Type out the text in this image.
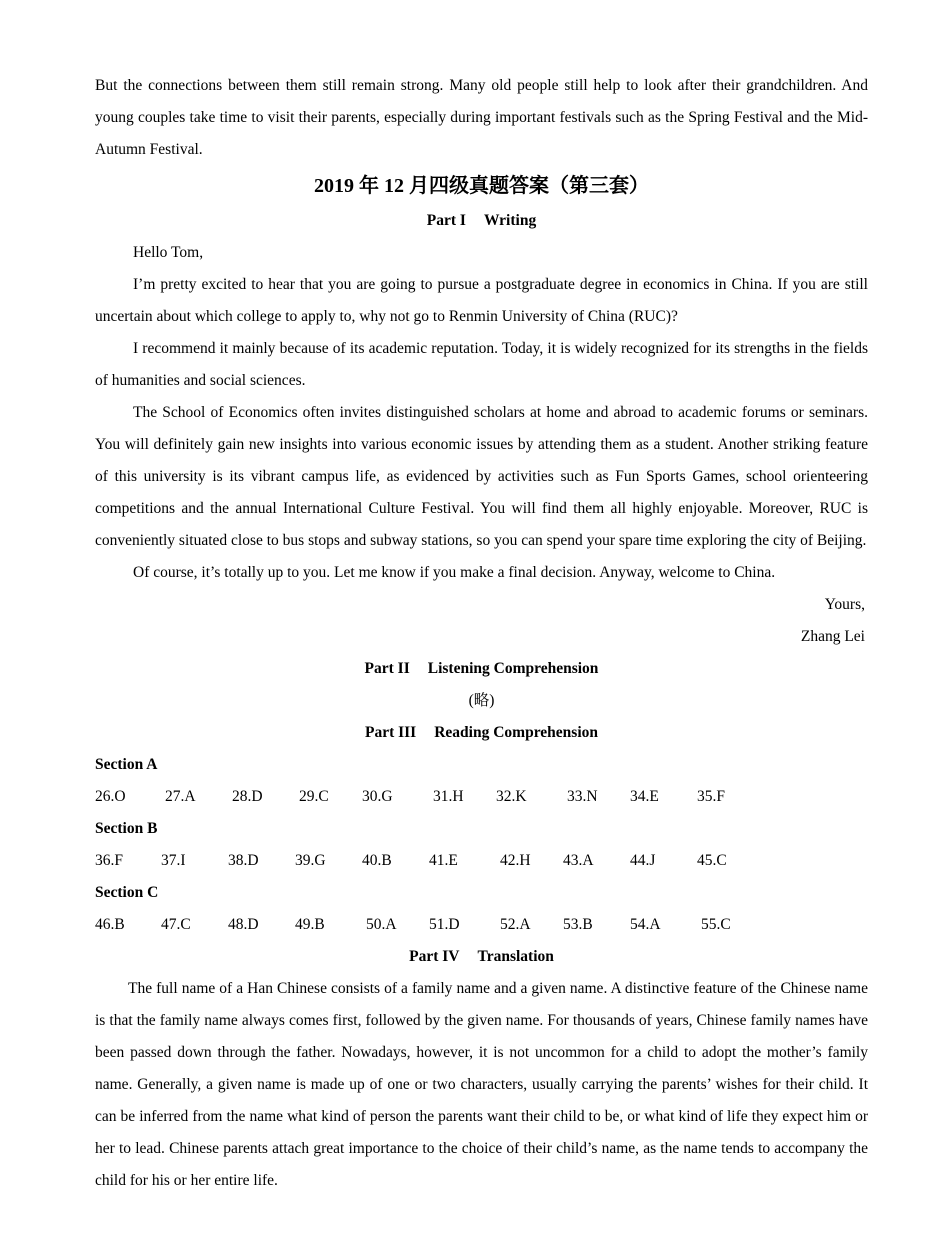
But the connections between them still remain strong. Many old people still help to look after their grandchildren. And young couples take time to visit their parents, especially during important festivals such as the Spring Festival and the Mid-Autumn Festival.

2019 年 12 月四级真题答案（第三套）

Part I Writing

Hello Tom,

I’m pretty excited to hear that you are going to pursue a postgraduate degree in economics in China. If you are still uncertain about which college to apply to, why not go to Renmin University of China (RUC)?

I recommend it mainly because of its academic reputation. Today, it is widely recognized for its strengths in the fields of humanities and social sciences.

The School of Economics often invites distinguished scholars at home and abroad to academic forums or seminars. You will definitely gain new insights into various economic issues by attending them as a student. Another striking feature of this university is its vibrant campus life, as evidenced by activities such as Fun Sports Games, school orienteering competitions and the annual International Culture Festival. You will find them all highly enjoyable. Moreover, RUC is conveniently situated close to bus stops and subway stations, so you can spend your spare time exploring the city of Beijing.

Of course, it’s totally up to you. Let me know if you make a final decision. Anyway, welcome to China.

Yours,

Zhang Lei

Part II Listening Comprehension

(略)

Part III Reading Comprehension

Section A

26.O	27.A 28.D 29.C 30.G	31.H 32.K	33.N 34.E 35.F

Section B

36.F 37.I	38.D 39.G 40.B 41.E	42.H 43.A 44.J	45.C

Section C

46.B 47.C 48.D 49.B	50.A 51.D	52.A 53.B 54.A	55.C

Part IV Translation

The full name of a Han Chinese consists of a family name and a given name. A distinctive feature of the Chinese name is that the family name always comes first, followed by the given name. For thousands of years, Chinese family names have been passed down through the father. Nowadays, however, it is not uncommon for a child to adopt the mother’s family name. Generally, a given name is made up of one or two characters, usually carrying the parents’ wishes for their child. It can be inferred from the name what kind of person the parents want their child to be, or what kind of life they expect him or her to lead. Chinese parents attach great importance to the choice of their child’s name, as the name tends to accompany the child for his or her entire life.
